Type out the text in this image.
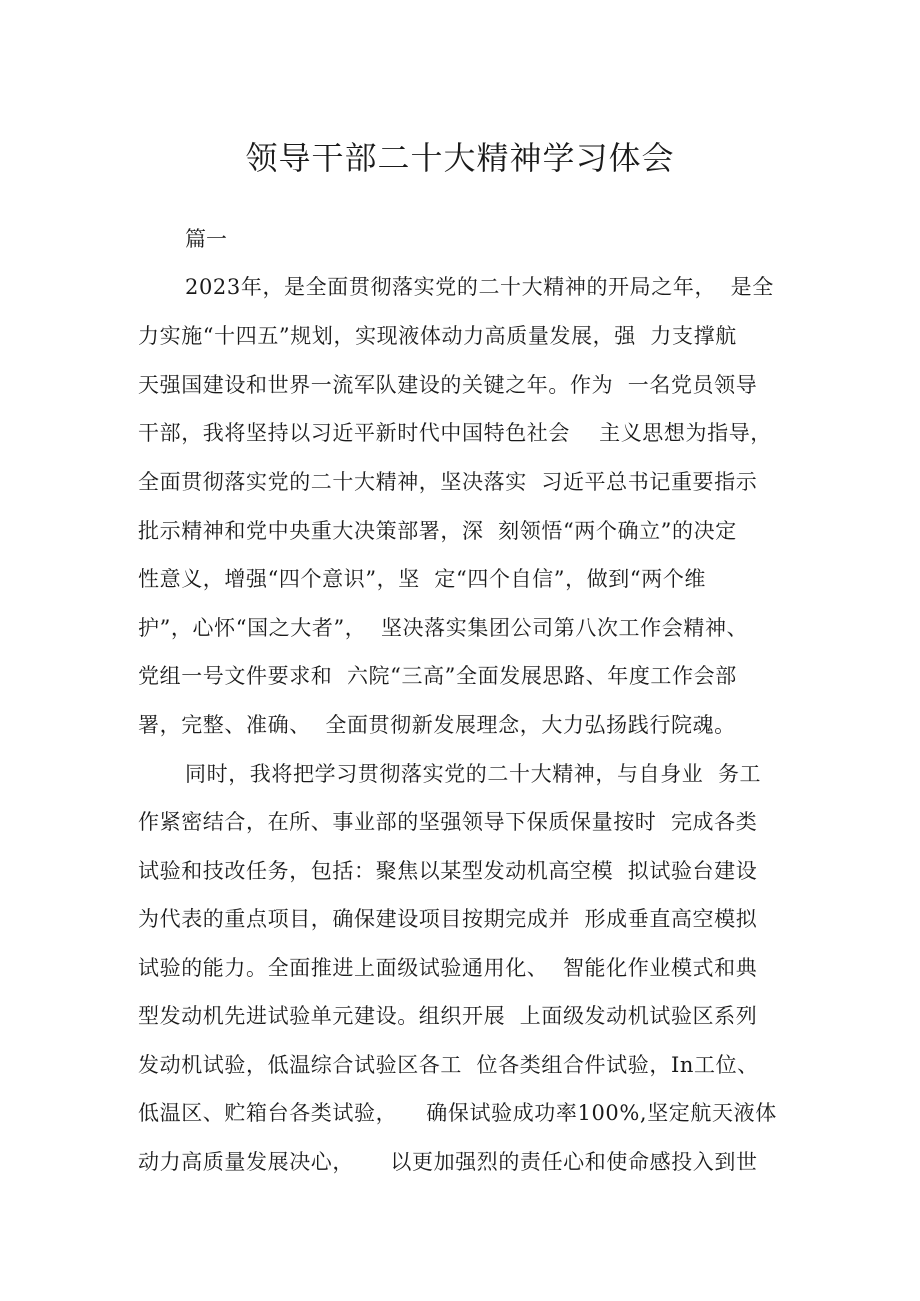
领导干部二十大精神学习体会

篇一

2023年，是全面贯彻落实党的二十大精神的开局之年，  是全
力实施“十四五”规划，实现液体动力高质量发展，强  力支撑航
天强国建设和世界一流军队建设的关键之年。作为  一名党员领导
干部，我将坚持以习近平新时代中国特色社会    主义思想为指导，
全面贯彻落实党的二十大精神，坚决落实  习近平总书记重要指示
批示精神和党中央重大决策部署，深  刻领悟“两个确立”的决定
性意义，增强“四个意识”，坚  定“四个自信”，做到“两个维
护”，心怀“国之大者”，  坚决落实集团公司第八次工作会精神、
党组一号文件要求和  六院“三高”全面发展思路、年度工作会部
署，完整、准确、  全面贯彻新发展理念，大力弘扬践行院魂。
同时，我将把学习贯彻落实党的二十大精神，与自身业  务工
作紧密结合，在所、事业部的坚强领导下保质保量按时  完成各类
试验和技改任务，包括：聚焦以某型发动机高空模  拟试验台建设
为代表的重点项目，确保建设项目按期完成并  形成垂直高空模拟
试验的能力。全面推进上面级试验通用化、  智能化作业模式和典
型发动机先进试验单元建设。组织开展  上面级发动机试验区系列
发动机试验，低温综合试验区各工  位各类组合件试验，In工位、
低温区、贮箱台各类试验，    确保试验成功率100%,坚定航天液体
动力高质量发展决心，     以更加强烈的责任心和使命感投入到世
